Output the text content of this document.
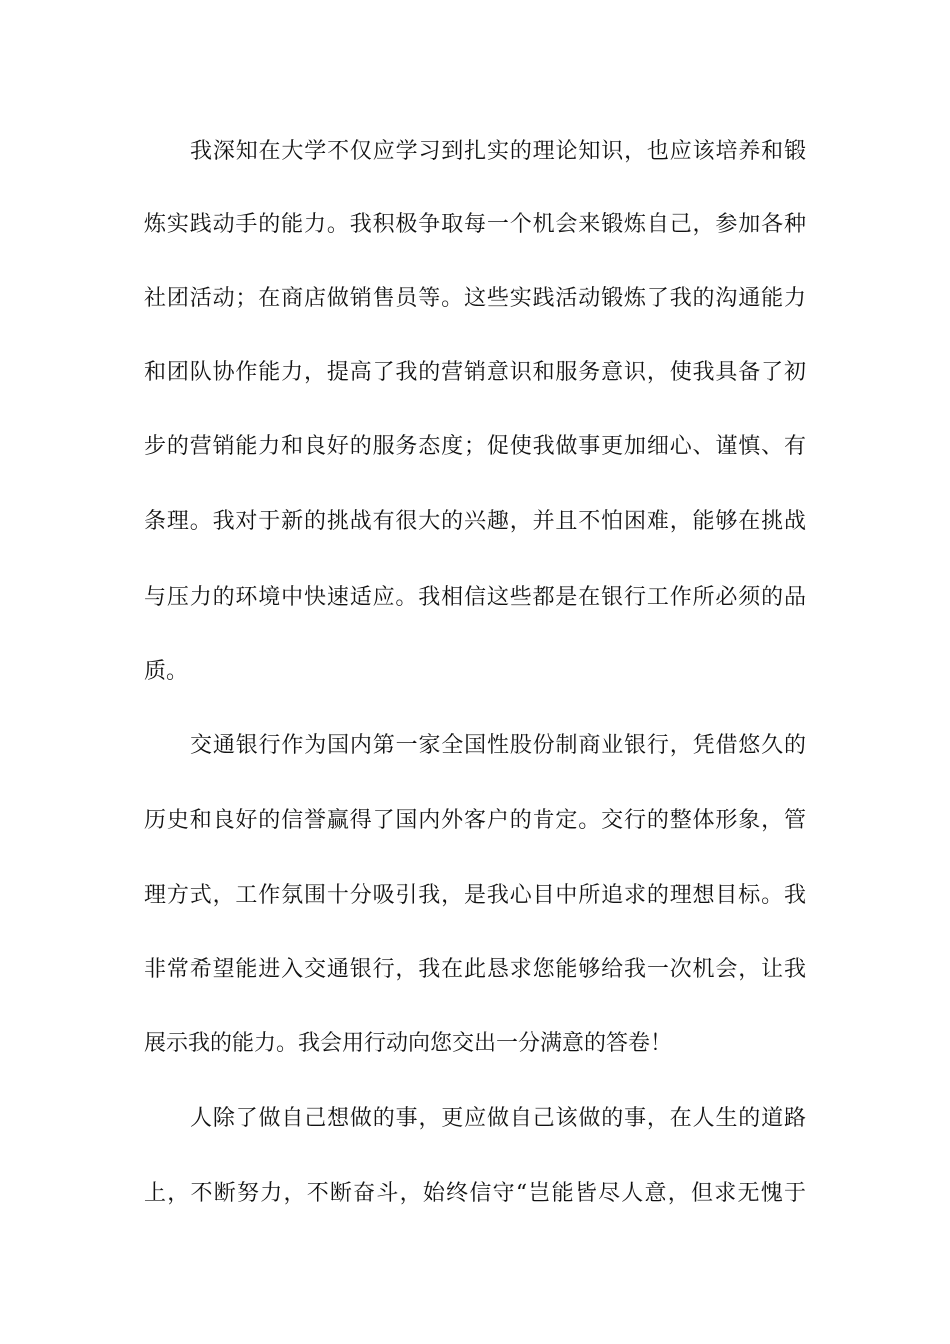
我深知在大学不仅应学习到扎实的理论知识，也应该培养和锻
炼实践动手的能力。我积极争取每一个机会来锻炼自己，参加各种
社团活动；在商店做销售员等。这些实践活动锻炼了我的沟通能力
和团队协作能力，提高了我的营销意识和服务意识，使我具备了初
步的营销能力和良好的服务态度；促使我做事更加细心、谨慎、有
条理。我对于新的挑战有很大的兴趣，并且不怕困难，能够在挑战
与压力的环境中快速适应。我相信这些都是在银行工作所必须的品
质。
交通银行作为国内第一家全国性股份制商业银行，凭借悠久的
历史和良好的信誉赢得了国内外客户的肯定。交行的整体形象，管
理方式，工作氛围十分吸引我，是我心目中所追求的理想目标。我
非常希望能进入交通银行，我在此恳求您能够给我一次机会，让我
展示我的能力。我会用行动向您交出一分满意的答卷！
人除了做自己想做的事，更应做自己该做的事，在人生的道路
上，不断努力，不断奋斗，始终信守“岂能皆尽人意，但求无愧于
